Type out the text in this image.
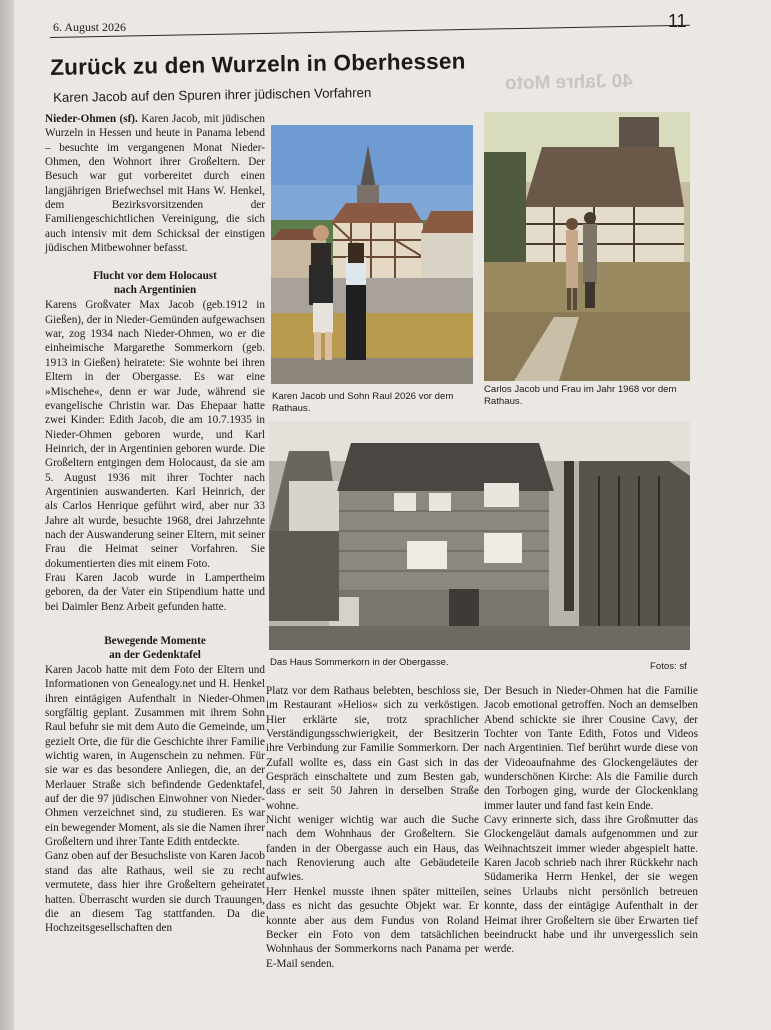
6. August 2026	11
40 Jahre Moto
Zurück zu den Wurzeln in Oberhessen
Karen Jacob auf den Spuren ihrer jüdischen Vorfahren

Nieder-Ohmen (sf). Karen Jacob, mit jüdischen Wurzeln in Hessen und heute in Panama lebend – besuchte im vergangenen Monat Nieder-Ohmen, den Wohnort ihrer Großeltern. Der Besuch war gut vorbereitet durch einen langjährigen Briefwechsel mit Hans W. Henkel, dem Bezirksvorsitzenden der Familiengeschichtlichen Vereinigung, die sich auch intensiv mit dem Schicksal der einstigen jüdischen Mitbewohner befasst.

Flucht vor dem Holocaust
nach Argentinien

Karens Großvater Max Jacob (geb.1912 in Gießen), der in Nieder-Gemünden aufgewachsen war, zog 1934 nach Nieder-Ohmen, wo er die einheimische Margarethe Sommerkorn (geb. 1913 in Gießen) heiratete: Sie wohnte bei ihren Eltern in der Obergasse. Es war eine »Mischehe«, denn er war Jude, während sie evangelische Christin war. Das Ehepaar hatte zwei Kinder: Edith Jacob, die am 10.7.1935 in Nieder-Ohmen geboren wurde, und Karl Heinrich, der in Argentinien geboren wurde. Die Großeltern entgingen dem Holocaust, da sie am 5. August 1936 mit ihrer Tochter nach Argentinien auswanderten. Karl Heinrich, der als Carlos Henrique geführt wird, aber nur 33 Jahre alt wurde, besuchte 1968, drei Jahrzehnte nach der Auswanderung seiner Eltern, mit seiner Frau die Heimat seiner Vorfahren. Sie dokumentierten dies mit einem Foto.

Frau Karen Jacob wurde in Lampertheim geboren, da der Vater ein Stipendium hatte und bei Daimler Benz Arbeit gefunden hatte.

Bewegende Momente
an der Gedenktafel

Karen Jacob hatte mit dem Foto der Eltern und Informationen von Genealogy.net und H. Henkel ihren eintägigen Aufenthalt in Nieder-Ohmen sorgfältig geplant. Zusammen mit ihrem Sohn Raul befuhr sie mit dem Auto die Gemeinde, um gezielt Orte, die für die Geschichte ihrer Familie wichtig waren, in Augenschein zu nehmen. Für sie war es das besondere Anliegen, die, an der Merlauer Straße sich befindende Gedenktafel, auf der die 97 jüdischen Einwohner von Nieder-Ohmen verzeichnet sind, zu studieren. Es war ein bewegender Moment, als sie die Namen ihrer Großeltern und ihrer Tante Edith entdeckte.

Ganz oben auf der Besuchsliste von Karen Jacob stand das alte Rathaus, weil sie zu recht vermutete, dass hier ihre Großeltern geheiratet hatten. Überrascht wurden sie durch Trauungen, die an diesem Tag stattfanden. Da die Hochzeitsgesellschaften den

Karen Jacob und Sohn Raul 2026 vor dem Rathaus.
Carlos Jacob und Frau im Jahr 1968 vor dem Rathaus.
Das Haus Sommerkorn in der Obergasse.	Fotos: sf

Platz vor dem Rathaus belebten, beschloss sie, im Restaurant »Helios« sich zu verköstigen. Hier erklärte sie, trotz sprachlicher Verständigungsschwierigkeit, der Besitzerin ihre Verbindung zur Familie Sommerkorn. Der Zufall wollte es, dass ein Gast sich in das Gespräch einschaltete und zum Besten gab, dass er seit 50 Jahren in derselben Straße wohne.

Nicht weniger wichtig war auch die Suche nach dem Wohnhaus der Großeltern. Sie fanden in der Obergasse auch ein Haus, das nach Renovierung auch alte Gebäudeteile aufwies.

Herr Henkel musste ihnen später mitteilen, dass es nicht das gesuchte Objekt war. Er konnte aber aus dem Fundus von Roland Becker ein Foto von dem tatsächlichen Wohnhaus der Sommerkorns nach Panama per E-Mail senden.

Der Besuch in Nieder-Ohmen hat die Familie Jacob emotional getroffen. Noch an demselben Abend schickte sie ihrer Cousine Cavy, der Tochter von Tante Edith, Fotos und Videos nach Argentinien. Tief berührt wurde diese von der Videoaufnahme des Glockengeläutes der wunderschönen Kirche: Als die Familie durch den Torbogen ging, wurde der Glockenklang immer lauter und fand fast kein Ende.

Cavy erinnerte sich, dass ihre Großmutter das Glockengeläut damals aufgenommen und zur Weihnachtszeit immer wieder abgespielt hatte. Karen Jacob schrieb nach ihrer Rückkehr nach Südamerika Herrn Henkel, der sie wegen seines Urlaubs nicht persönlich betreuen konnte, dass der eintägige Aufenthalt in der Heimat ihrer Großeltern sie über Erwarten tief beeindruckt habe und ihr unvergesslich sein werde.
